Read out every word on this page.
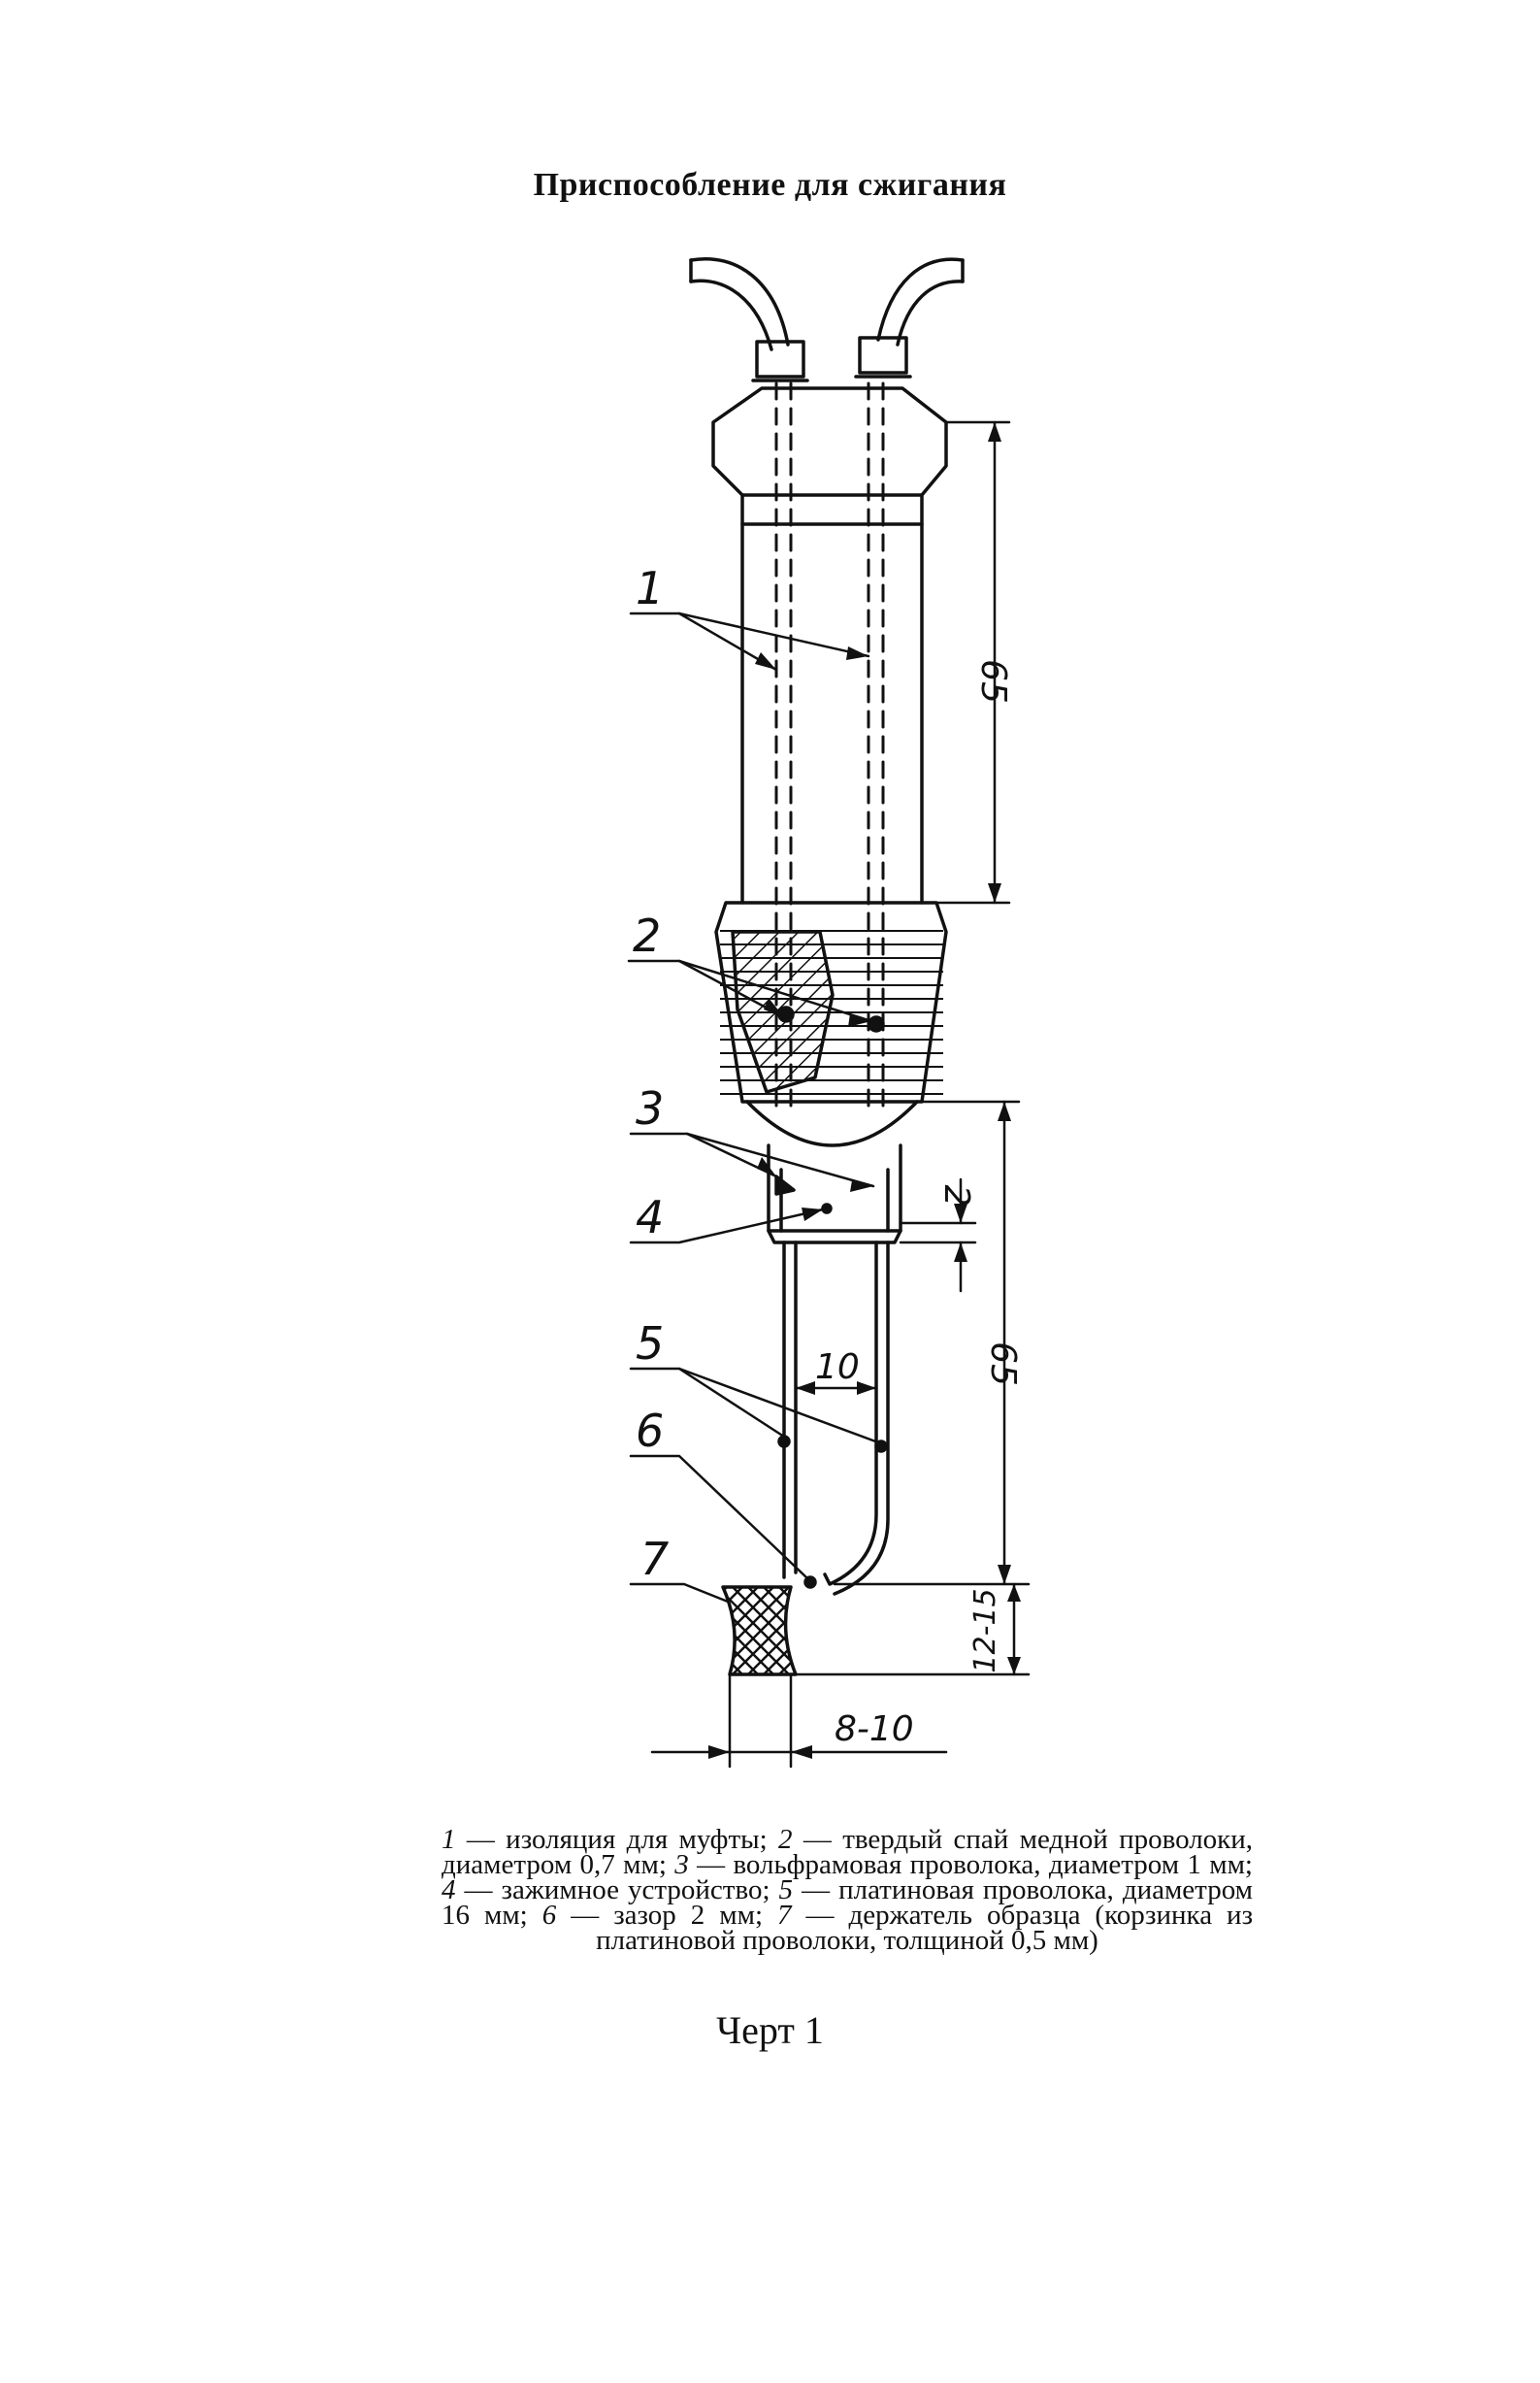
Приспособление для сжигания
1
2
3
4
5
6
7
65
65
2
12-15
10
8-10
1 — изоляция для муфты; 2 — твердый спай медной проволоки, диаметром 0,7 мм; 3 — вольфрамовая проволока, диаметром 1 мм; 4 — зажимное устройство; 5 — платиновая проволока, диаметром 16 мм; 6 — зазор 2 мм; 7 — держатель образца (корзинка из платиновой проволоки, толщиной 0,5 мм)
Черт 1
